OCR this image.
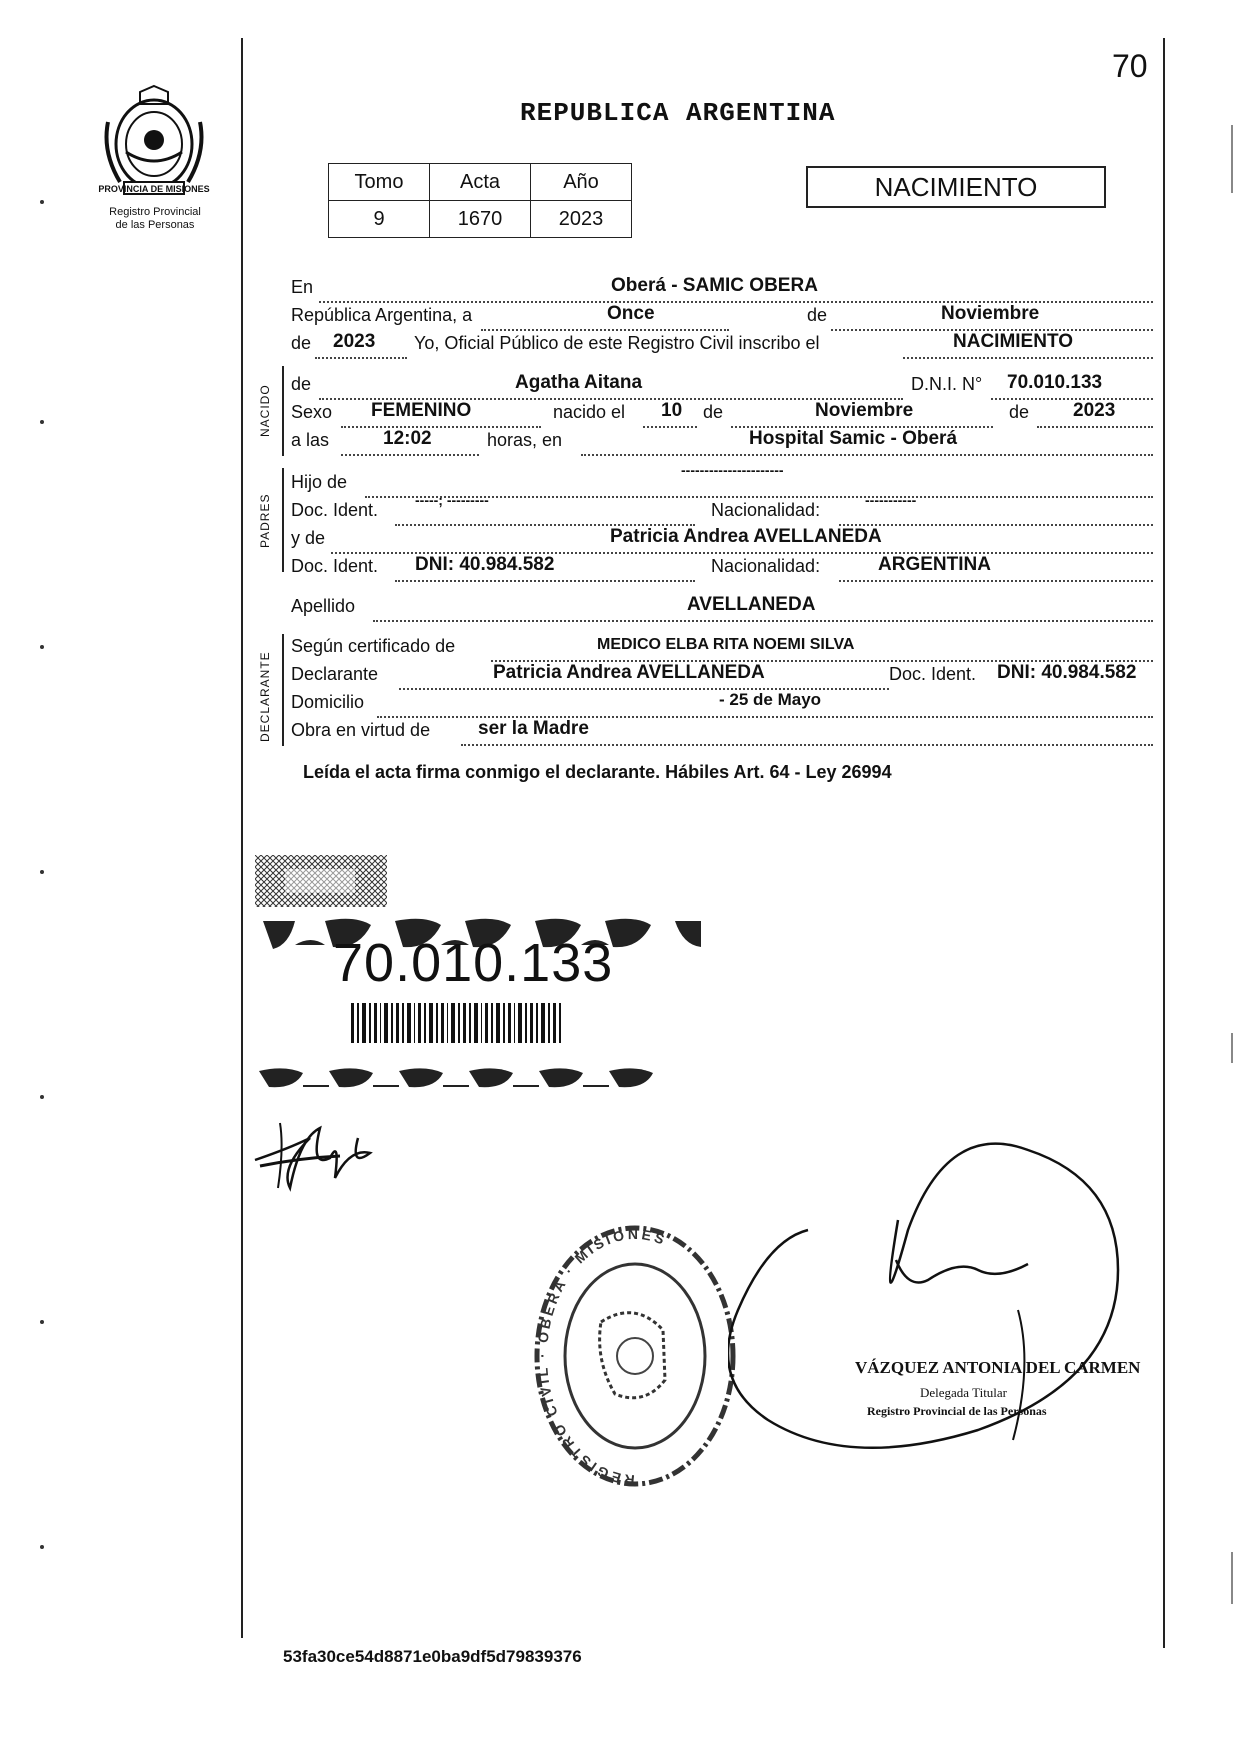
PROVINCIA DE MISIONES
Registro Provincial
de las Personas
70
REPUBLICA ARGENTINA
Tomo	Acta	Año
9	1670	2023
NACIMIENTO
NACIDO
PADRES
DECLARANTE
En	Oberá - SAMIC OBERA
República Argentina, a	Once	de	Noviembre
de 2023 Yo, Oficial Público de este Registro Civil inscribo el	NACIMIENTO
de	Agatha Aitana	D.N.I. N° 70.010.133
Sexo FEMENINO	nacido el 10 de	Noviembre	de 2023
a las	12:02	horas, en	Hospital Samic - Oberá
Hijo de
----------------------
Doc. Ident.	-----; ---------	Nacionalidad:	-----------
y de	Patricia Andrea AVELLANEDA
Doc. Ident. DNI: 40.984.582	Nacionalidad:	ARGENTINA
Apellido	AVELLANEDA
Según certificado de	MEDICO ELBA RITA NOEMI SILVA
Declarante	Patricia Andrea AVELLANEDA	Doc. Ident. DNI: 40.984.582
Domicilio	- 25 de Mayo
Obra en virtud de	ser la Madre
Leída el acta firma conmigo el declarante. Hábiles Art. 64 - Ley 26994
70.010.133
REGISTRO CIVIL · OBERÁ · MISIONES
VÁZQUEZ ANTONIA DEL CARMEN
Delegada Titular
Registro Provincial de las Personas
53fa30ce54d8871e0ba9df5d79839376
